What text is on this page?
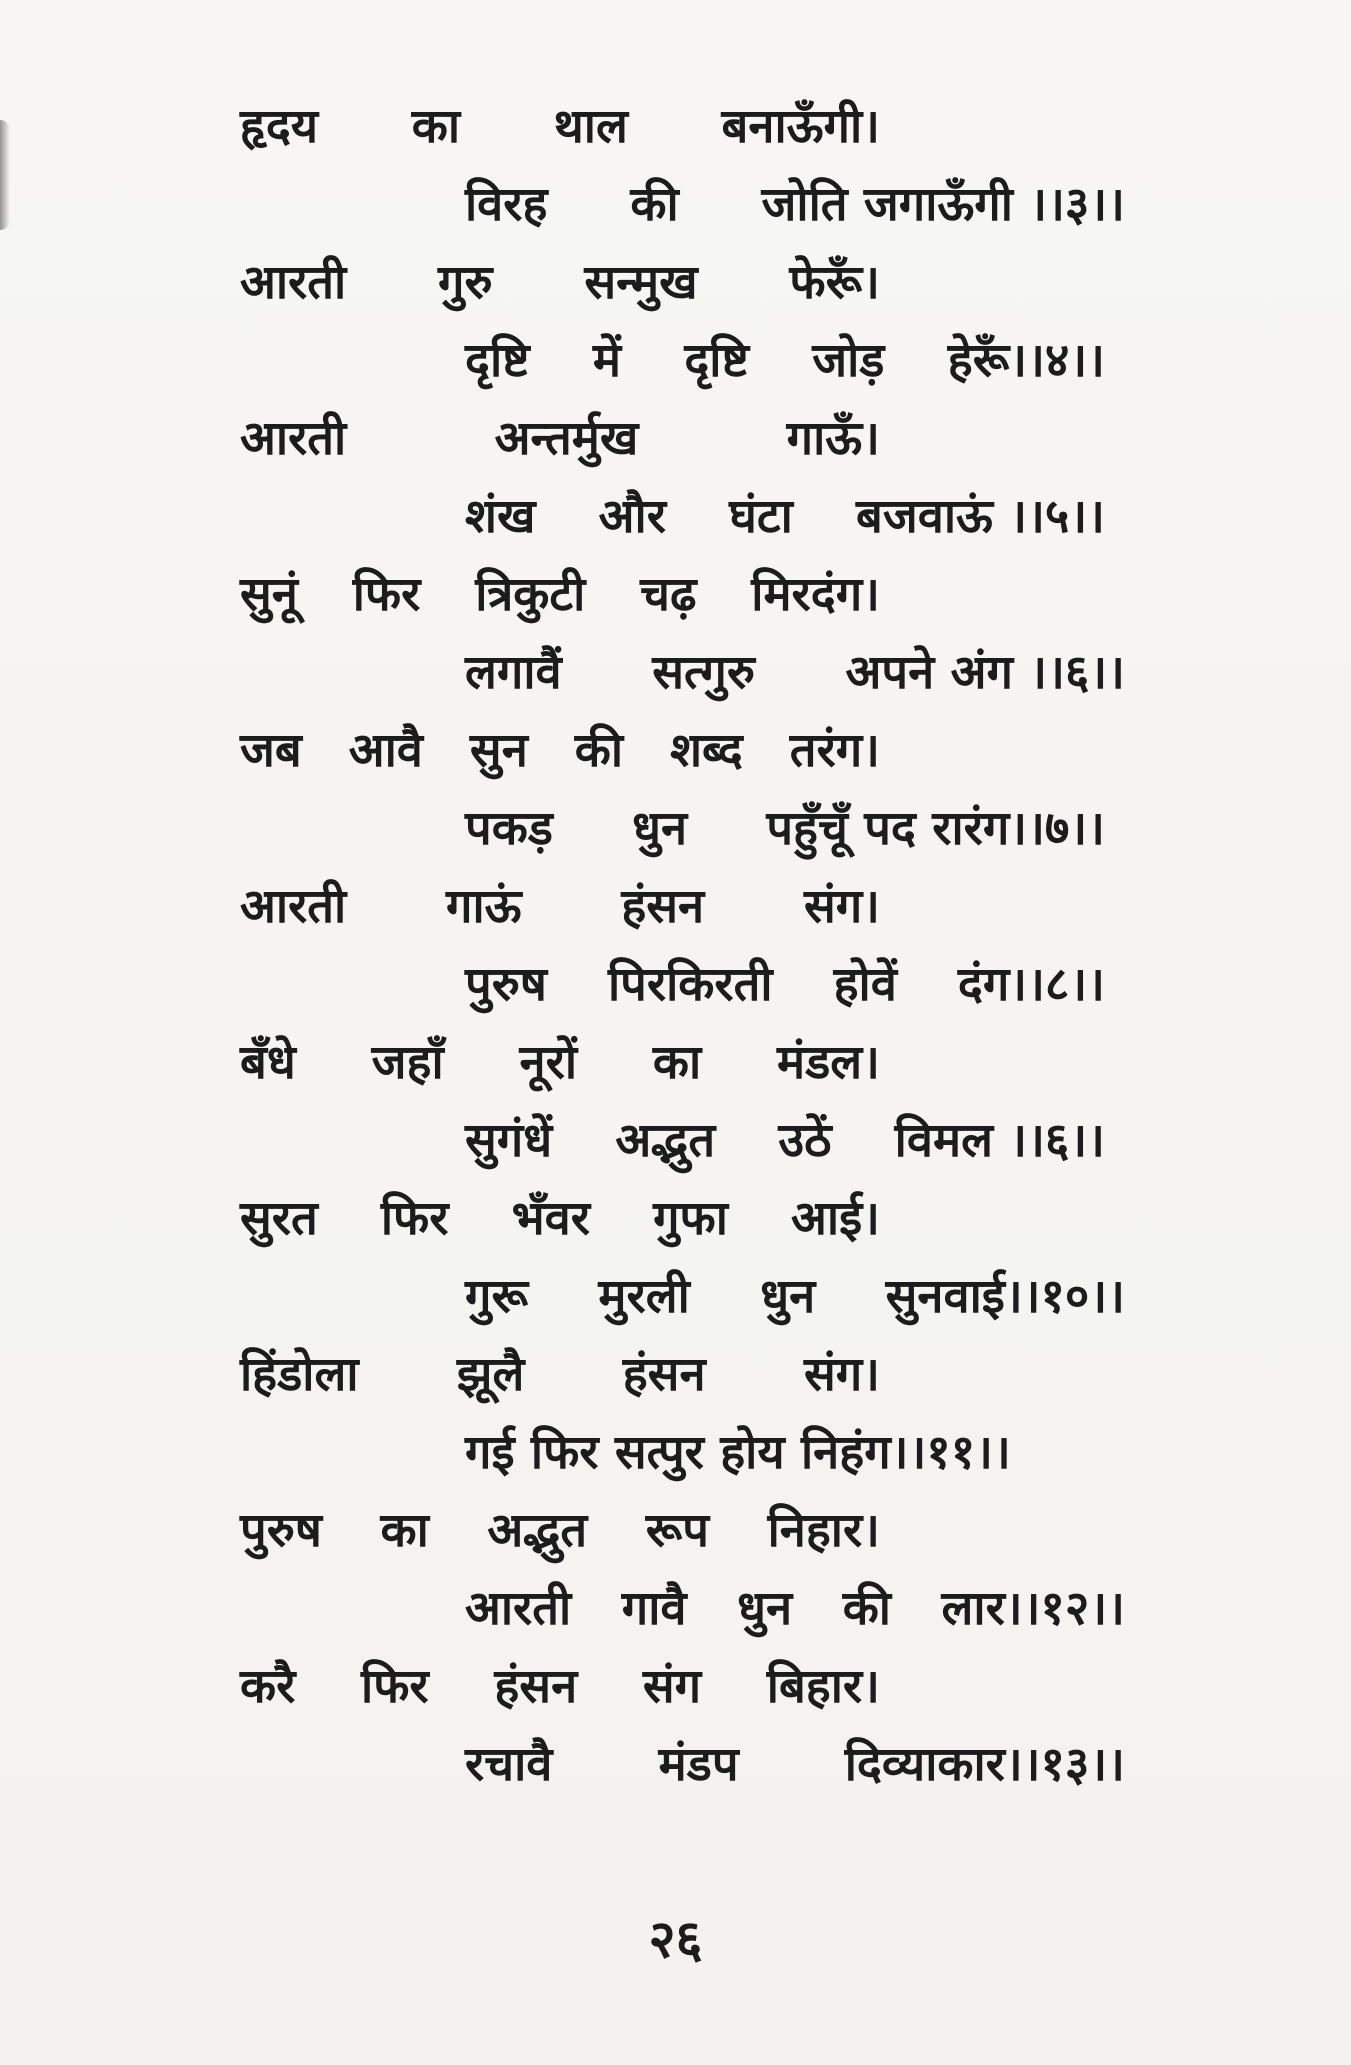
हृदय का थाल बनाऊँगी।
विरह की जोति जगाऊँगी ।।३।।
आरती गुरु सन्मुख फेरूँ।
दृष्टि में दृष्टि जोड़ हेरूँ।।४।।
आरती	अन्तर्मुख	गाऊँ।
शंख और घंटा बजवाऊं ।।५।।
सुनूं फिर त्रिकुटी चढ़ मिरदंग।
लगावैं सत्गुरु अपने अंग ।।६।।
जब आवै सुन की शब्द तरंग।
पकड़ धुन पहुँचूँ पद रारंग।।७।।
आरती गाऊं हंसन संग।
पुरुष पिरकिरती होवें दंग।।८।।
बँधे जहाँ नूरों का मंडल।
सुगंधें अद्भुत उठें विमल ।।६।।
सुरत फिर भँवर गुफा आई।
गुरू मुरली धुन सुनवाई।।१०।।
हिंडोला झूलै हंसन संग।
गई फिर सत्पुर होय निहंग।।११।।
पुरुष का अद्भुत रूप निहार।
आरती गावै धुन की लार।।१२।।
करै फिर हंसन संग बिहार।
रचावै मंडप दिव्याकार।।१३।।
२६
